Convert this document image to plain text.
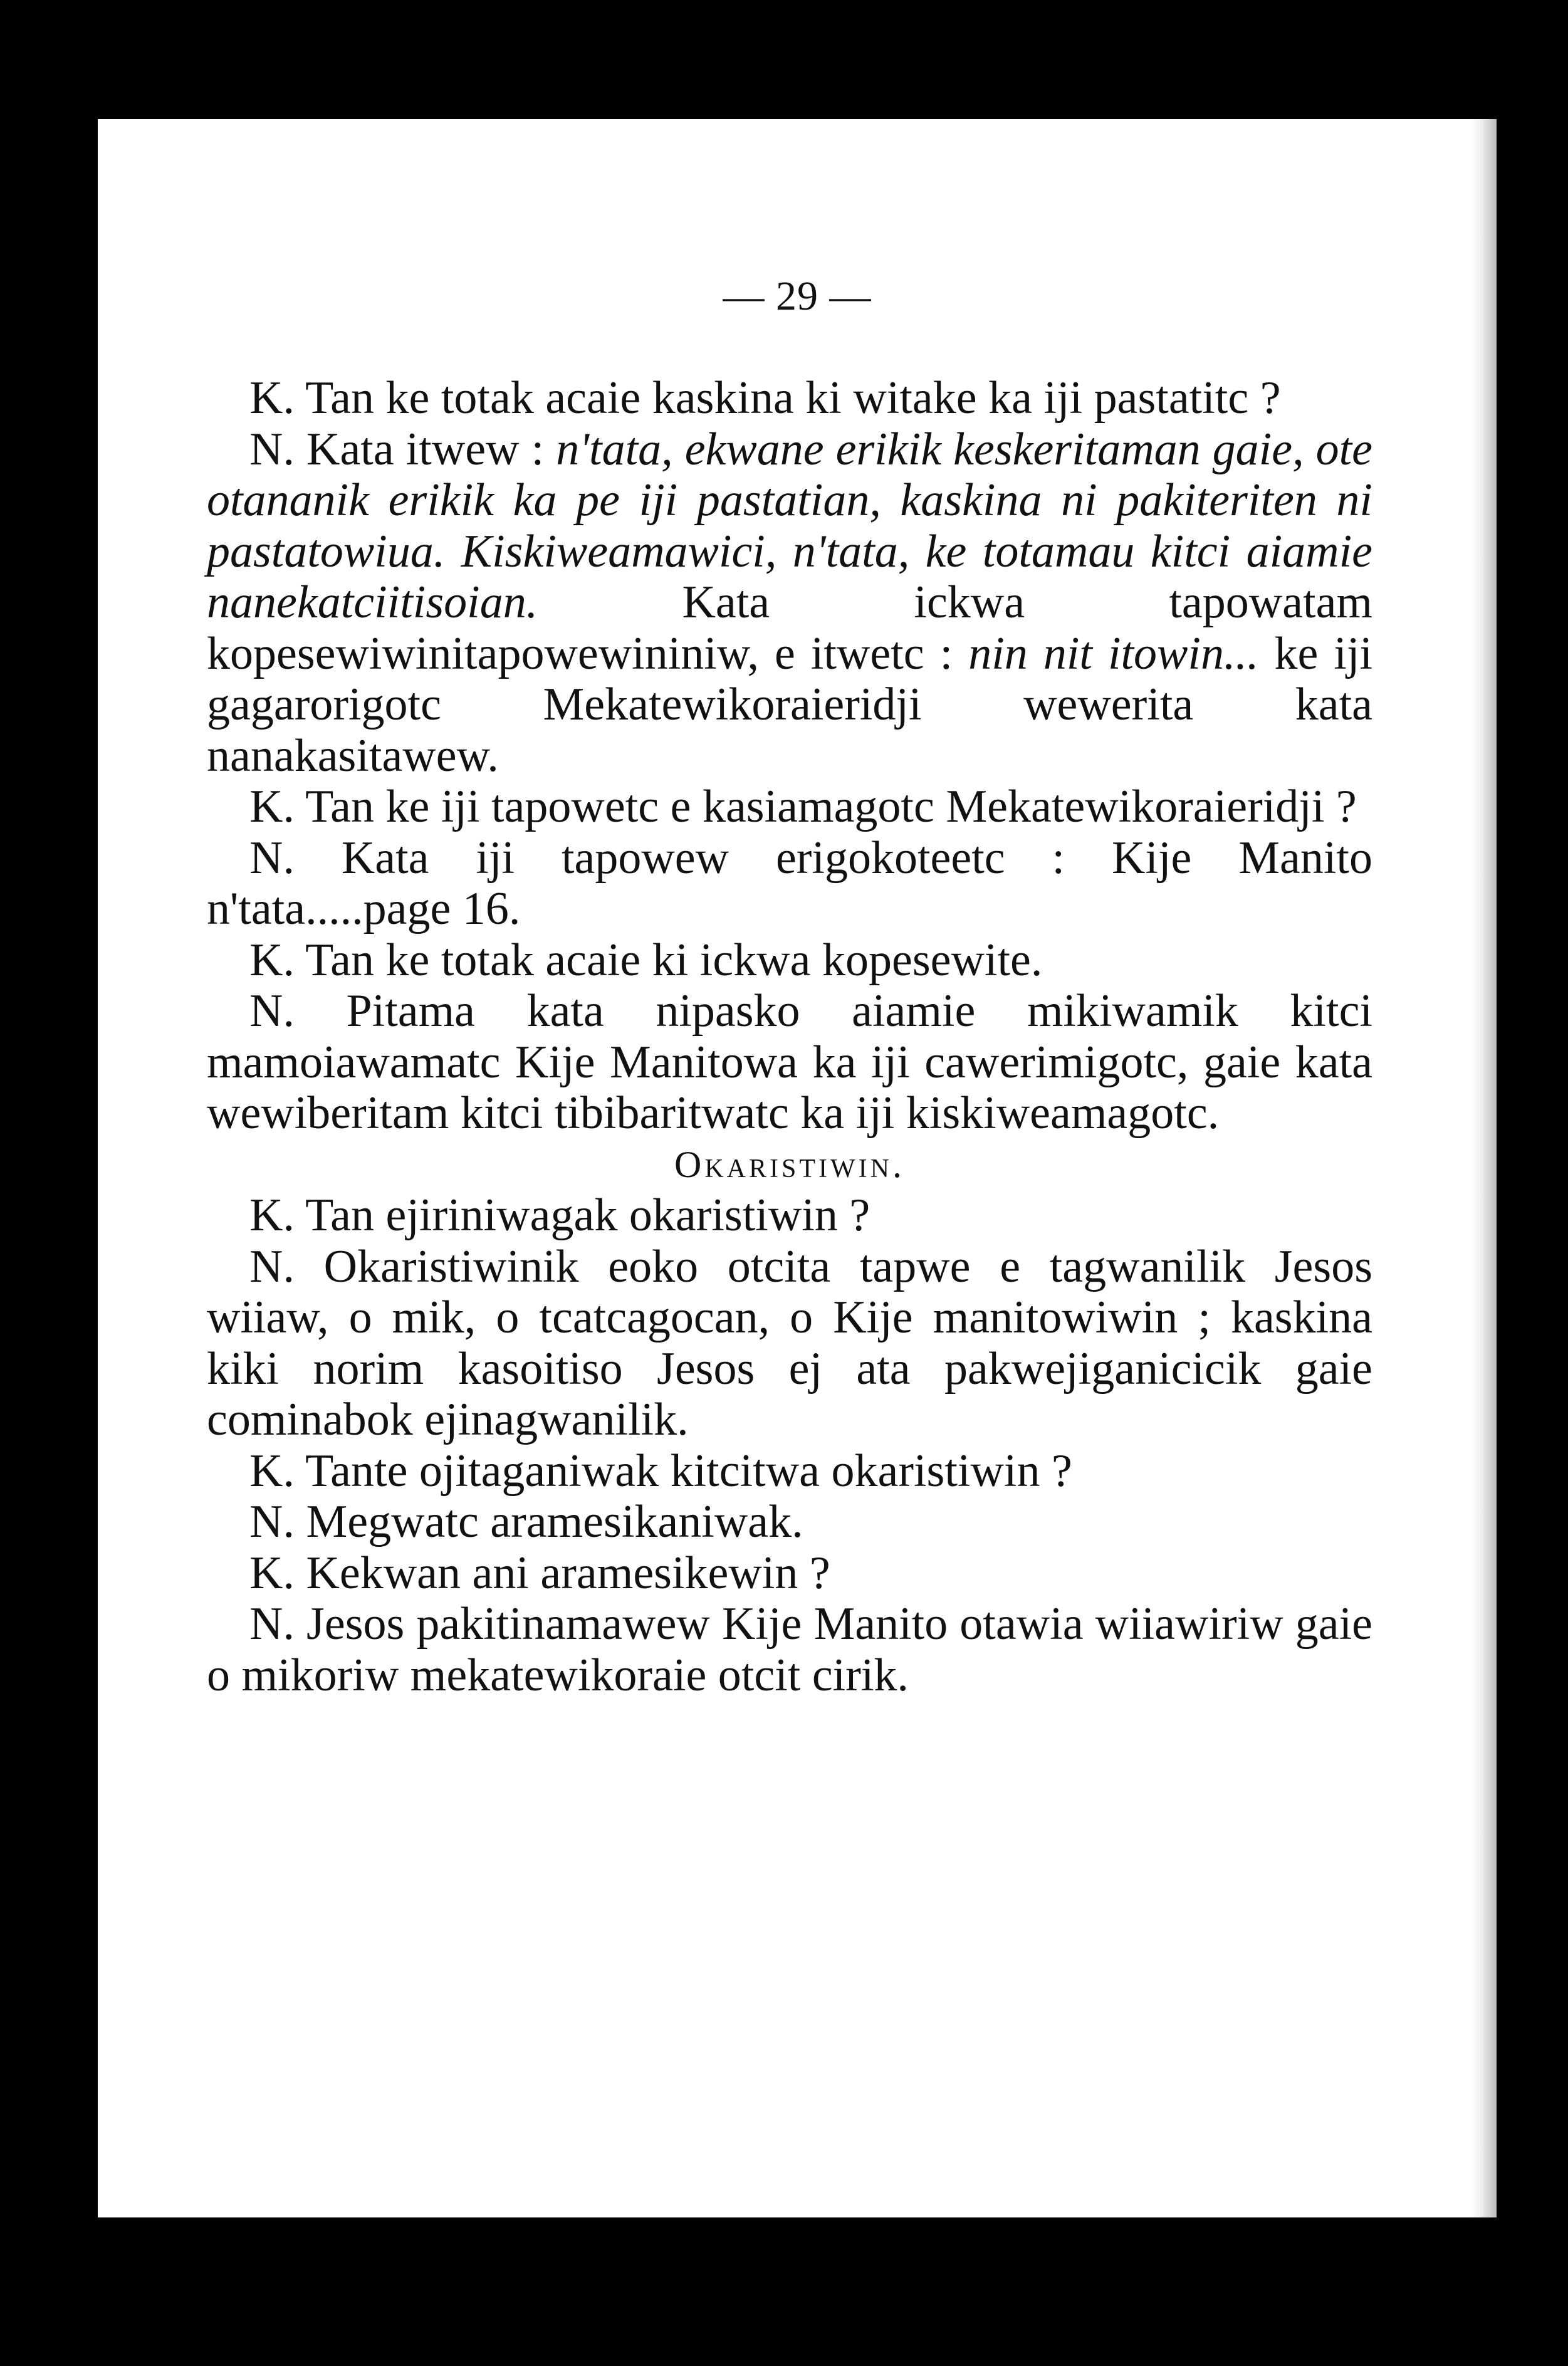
— 29 —

K. Tan ke totak acaie kaskina ki witake ka iji pastatitc ?

N. Kata itwew : n'tata, ekwane erikik keskeritaman gaie, ote otananik erikik ka pe iji pastatian, kaskina ni pakiteriten ni pastatowiua. Kiskiweamawici, n'tata, ke totamau kitci aiamie nanekatciitisoian.	Kata ickwa tapowatam kopesewiwinitapowewininiw, e itwetc : nin nit itowin... ke iji gagarorigotc Mekatewikoraieridji wewerita kata nanakasitawew.

K. Tan ke iji tapowetc e kasiamagotc Mekatewikoraieridji ?

N. Kata iji tapowew erigokoteetc : Kije Manito n'tata.....page 16.

K. Tan ke totak acaie ki ickwa kopesewite.

N. Pitama kata nipasko aiamie mikiwamik kitci mamoiawamatc Kije Manitowa ka iji cawerimigotc, gaie kata wewiberitam kitci tibibaritwatc ka iji kiskiweamagotc.

Okaristiwin.

K. Tan ejiriniwagak okaristiwin ?

N. Okaristiwinik eoko otcita tapwe e tagwanilik Jesos wiiaw, o mik, o tcatcagocan, o Kije manitowiwin ; kaskina kiki norim kasoitiso Jesos ej ata pakwejiganicicik gaie cominabok ejinagwanilik.

K. Tante ojitaganiwak kitcitwa okaristiwin ?

N. Megwatc aramesikaniwak.

K. Kekwan ani aramesikewin ?

N. Jesos pakitinamawew Kije Manito otawia wiiawiriw gaie o mikoriw mekatewikoraie otcit cirik.
